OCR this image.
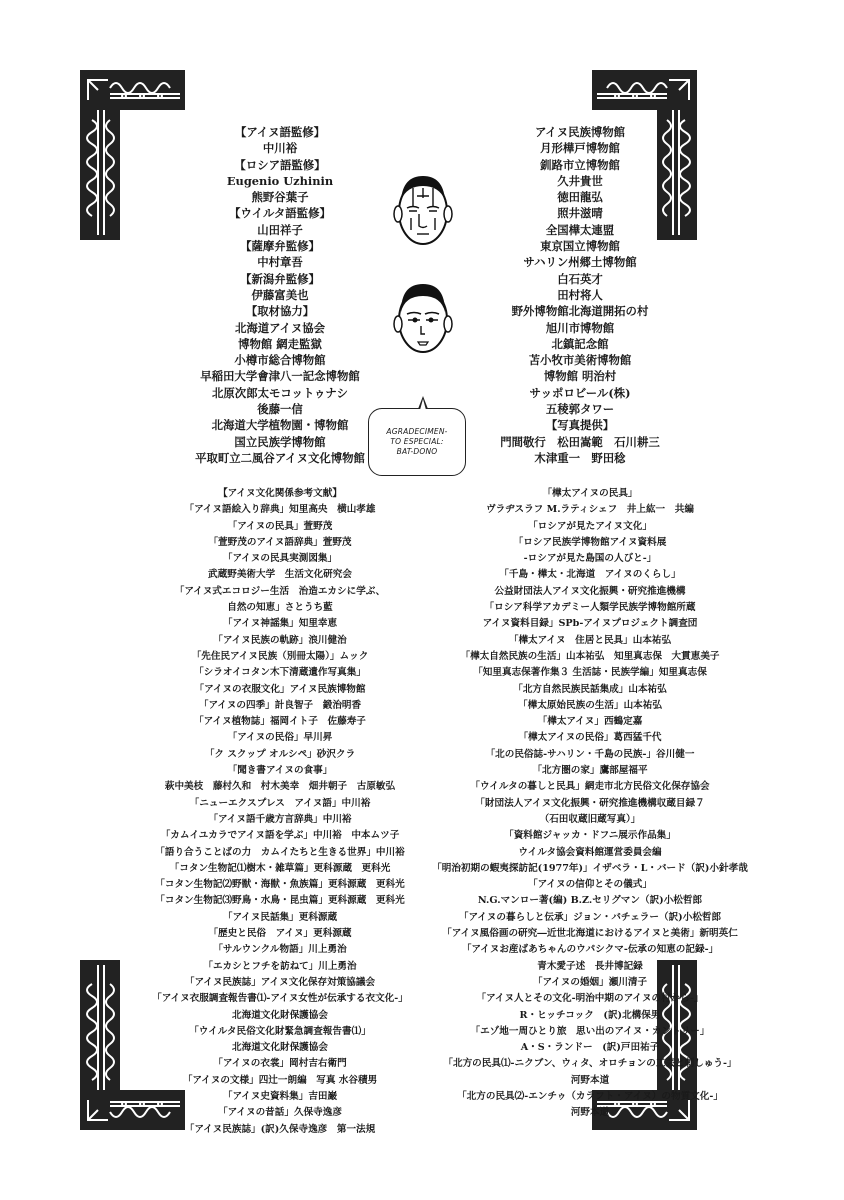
【アイヌ語監修】
中川裕
【ロシア語監修】
Eugenio Uzhinin
熊野谷葉子
【ウイルタ語監修】
山田祥子
【薩摩弁監修】
中村章吾
【新潟弁監修】
伊藤富美也
【取材協力】
北海道アイヌ協会
博物館 網走監獄
小樽市総合博物館
早稲田大学會津八一記念博物館
北原次郎太モコットゥナシ
後藤一信
北海道大学植物園・博物館
国立民族学博物館
平取町立二風谷アイヌ文化博物館
アイヌ民族博物館
月形樺戸博物館
釧路市立博物館
久井貴世
徳田龍弘
照井滋晴
全国樺太連盟
東京国立博物館
サハリン州郷土博物館
白石英才
田村将人
野外博物館北海道開拓の村
旭川市博物館
北鎮記念館
苫小牧市美術博物館
博物館 明治村
サッポロビール(株)
五稜郭タワー
【写真提供】
門間敬行　松田嵩範　石川耕三
木津重一　野田稔
AGRADECIMEN-
TO ESPECIAL:
BAT-DONO
【アイヌ文化関係参考文献】
「アイヌ語絵入り辞典」知里高央　横山孝雄
「アイヌの民具」萱野茂
「萱野茂のアイヌ語辞典」萱野茂
「アイヌの民具実測図集」
武蔵野美術大学　生活文化研究会
「アイヌ式エコロジー生活　治造エカシに学ぶ、
自然の知恵」さとうち藍
「アイヌ神謡集」知里幸恵
「アイヌ民族の軌跡」浪川健治
「先住民アイヌ民族（別冊太陽）」ムック
「シラオイコタン木下清蔵遺作写真集」
「アイヌの衣服文化」アイヌ民族博物館
「アイヌの四季」計良智子　鍛治明香
「アイヌ植物誌」福岡イト子　佐藤寿子
「アイヌの民俗」早川昇
「ク スクップ オルシペ」砂沢クラ
「聞き書アイヌの食事」
萩中美枝　藤村久和　村木美幸　畑井朝子　古原敏弘
「ニューエクスプレス　アイヌ語」中川裕
「アイヌ語千歳方言辞典」中川裕
「カムイユカラでアイヌ語を学ぶ」中川裕　中本ムツ子
「語り合うことばの力　カムイたちと生きる世界」中川裕
「コタン生物記⑴樹木・雑草篇」更科源蔵　更科光
「コタン生物記⑵野獣・海獣・魚族篇」更科源蔵　更科光
「コタン生物記⑶野鳥・水鳥・昆虫篇」更科源蔵　更科光
「アイヌ民話集」更科源蔵
「歴史と民俗　アイヌ」更科源蔵
「サルウンクル物語」川上勇治
「エカシとフチを訪ねて」川上勇治
「アイヌ民族誌」アイヌ文化保存対策協議会
「アイヌ衣服調査報告書⑴-アイヌ女性が伝承する衣文化-」
北海道文化財保護協会
「ウイルタ民俗文化財緊急調査報告書⑴」
北海道文化財保護協会
「アイヌの衣裳」岡村吉右衛門
「アイヌの文様」四辻一朗編　写真 水谷積男
「アイヌ史資料集」吉田巌
「アイヌの昔話」久保寺逸彦
「アイヌ民族誌」(訳)久保寺逸彦　第一法規
「樺太アイヌの民具」
ヴラヂスラフ M.ラティシェフ　井上紘一　共編
「ロシアが見たアイヌ文化」
「ロシア民族学博物館アイヌ資料展
-ロシアが見た島国の人びと-」
「千島・樺太・北海道　アイヌのくらし」
公益財団法人アイヌ文化振興・研究推進機構
「ロシア科学アカデミー人類学民族学博物館所蔵
アイヌ資料目録」SPb-アイヌプロジェクト調査団
「樺太アイヌ　住居と民具」山本祐弘
「樺太自然民族の生活」山本祐弘　知里真志保　大貫恵美子
「知里真志保著作集３ 生活誌・民族学編」知里真志保
「北方自然民族民話集成」山本祐弘
「樺太原始民族の生活」山本祐弘
「樺太アイヌ」西鶴定嘉
「樺太アイヌの民俗」葛西猛千代
「北の民俗誌-サハリン・千島の民族-」谷川健一
「北方圏の家」鷹部屋福平
「ウイルタの暮しと民具」網走市北方民俗文化保存協会
「財団法人アイヌ文化振興・研究推進機構収蔵目録７
（石田収蔵旧蔵写真）」
「資料館ジャッカ・ドフニ展示作品集」
ウイルタ協会資料館運営委員会編
「明治初期の蝦夷探訪記(1977年)」イザベラ・L・バード（訳)小針孝哉
「アイヌの信仰とその儀式」
N.G.マンロー著(編) B.Z.セリグマン（訳)小松哲郎
「アイヌの暮らしと伝承」ジョン・バチェラー（訳)小松哲郎
「アイヌ風俗画の研究―近世北海道におけるアイヌと美術」新明英仁
「アイヌお産ばあちゃんのウパシクマ-伝承の知恵の記録-」
青木愛子述　長井博記録
「アイヌの婚姻」瀬川清子
「アイヌ人とその文化-明治中期のアイヌの村から-」
R・ヒッチコック　(訳)北構保男
「エゾ地一周ひとり旅　思い出のアイヌ・カントリー」
A・S・ランドー　(訳)戸田祐子
「北方の民具⑴-ニクブン、ウィタ、オロチョンの工芸と刺しゅう-」
河野本道
「北方の民具⑵-エンチゥ（カラフト・アイヌ）の物質文化-」
河野本道
